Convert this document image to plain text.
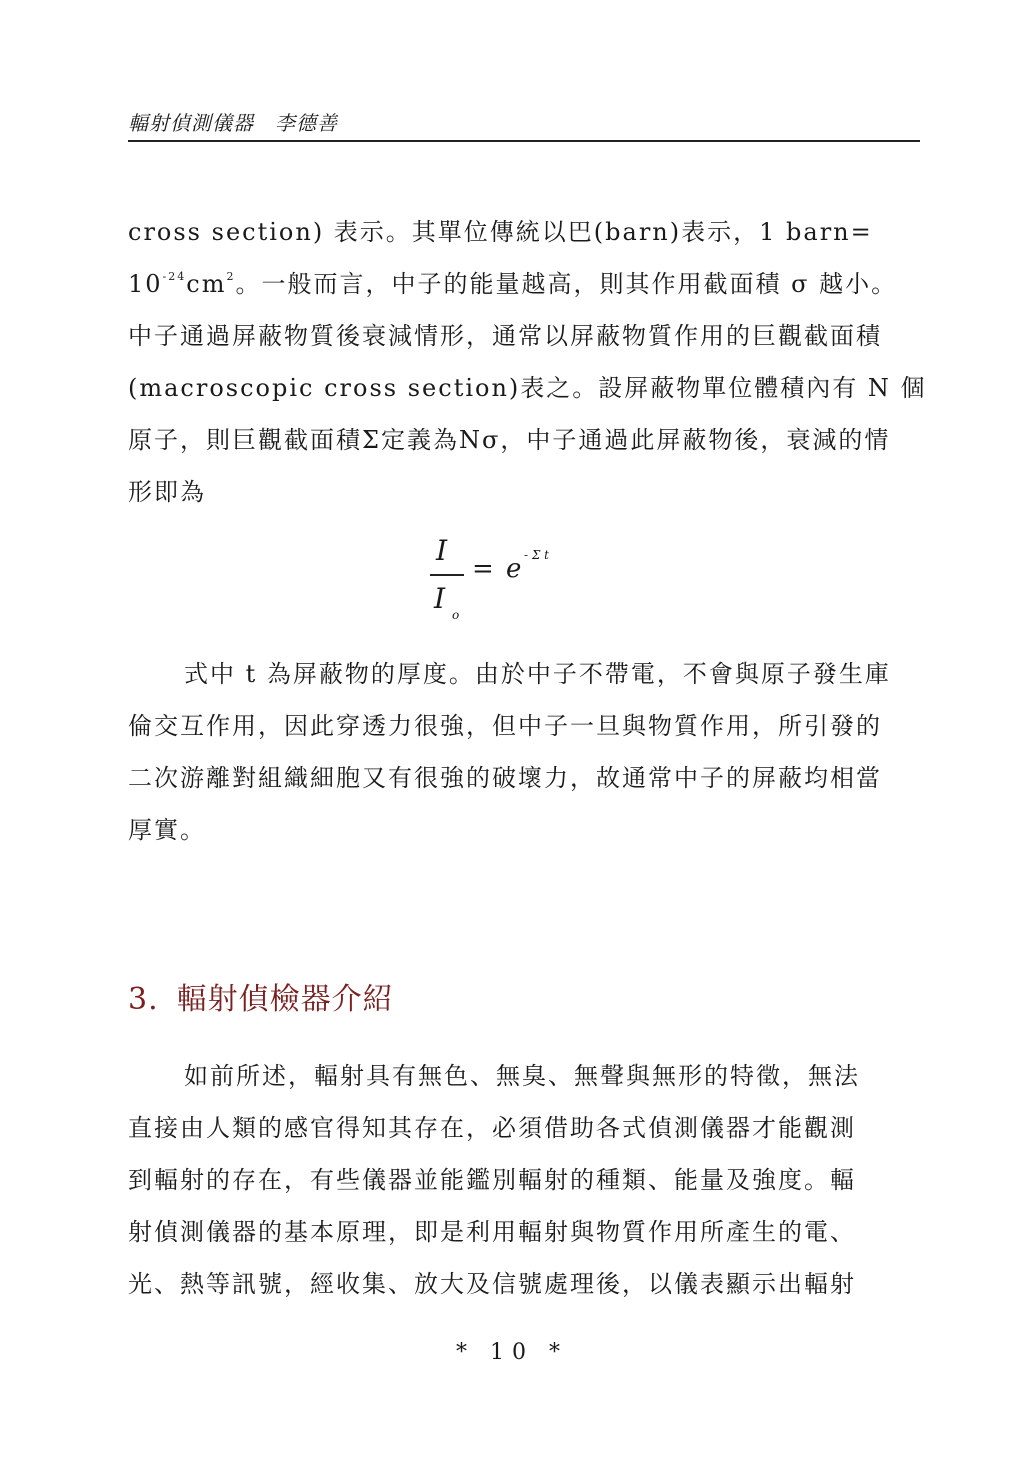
輻射偵測儀器　李德善
cross section) 表示。其單位傳統以巴(barn)表示，1 barn=
$10^{-24}cm^2$。一般而言，中子的能量越高，則其作用截面積 σ 越小。
中子通過屏蔽物質後衰減情形，通常以屏蔽物質作用的巨觀截面積
(macroscopic cross section)表之。設屏蔽物單位體積內有 N 個
原子，則巨觀截面積Σ定義為Nσ，中子通過此屏蔽物後，衰減的情
形即為
I
I o
= e - Σ t
式中 t 為屏蔽物的厚度。由於中子不帶電，不會與原子發生庫
倫交互作用，因此穿透力很強，但中子一旦與物質作用，所引發的
二次游離對組織細胞又有很強的破壞力，故通常中子的屏蔽均相當
厚實。
3. 輻射偵檢器介紹
如前所述，輻射具有無色、無臭、無聲與無形的特徵，無法
直接由人類的感官得知其存在，必須借助各式偵測儀器才能觀測
到輻射的存在，有些儀器並能鑑別輻射的種類、能量及強度。輻
射偵測儀器的基本原理，即是利用輻射與物質作用所產生的電、
光、熱等訊號，經收集、放大及信號處理後，以儀表顯示出輻射
* 10 *
